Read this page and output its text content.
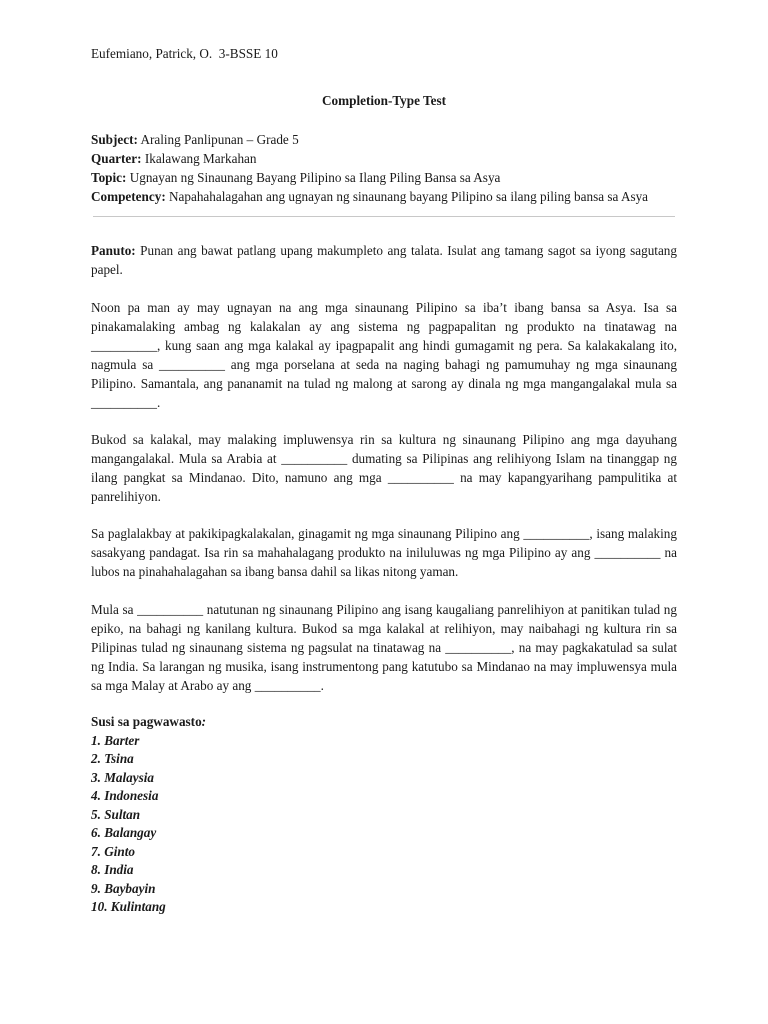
Eufemiano, Patrick, O.  3-BSSE 10
Completion-Type Test
Subject: Araling Panlipunan – Grade 5
Quarter: Ikalawang Markahan
Topic: Ugnayan ng Sinaunang Bayang Pilipino sa Ilang Piling Bansa sa Asya
Competency: Napahahalagahan ang ugnayan ng sinaunang bayang Pilipino sa ilang piling bansa sa Asya
Panuto: Punan ang bawat patlang upang makumpleto ang talata. Isulat ang tamang sagot sa iyong sagutang papel.
Noon pa man ay may ugnayan na ang mga sinaunang Pilipino sa iba’t ibang bansa sa Asya. Isa sa pinakamalaking ambag ng kalakalan ay ang sistema ng pagpapalitan ng produkto na tinatawag na __________, kung saan ang mga kalakal ay ipagpapalit ang hindi gumagamit ng pera. Sa kalakakalang ito, nagmula sa __________ ang mga porselana at seda na naging bahagi ng pamumuhay ng mga sinaunang Pilipino. Samantala, ang pananamit na tulad ng malong at sarong ay dinala ng mga mangangalakal mula sa __________.
Bukod sa kalakal, may malaking impluwensya rin sa kultura ng sinaunang Pilipino ang mga dayuhang mangangalakal. Mula sa Arabia at __________ dumating sa Pilipinas ang relihiyong Islam na tinanggap ng ilang pangkat sa Mindanao. Dito, namuno ang mga __________ na may kapangyarihang pampulitika at panrelihiyon.
Sa paglalakbay at pakikipagkalakalan, ginagamit ng mga sinaunang Pilipino ang __________, isang malaking sasakyang pandagat. Isa rin sa mahahalagang produkto na iniluluwas ng mga Pilipino ay ang __________ na lubos na pinahahalagahan sa ibang bansa dahil sa likas nitong yaman.
Mula sa __________ natutunan ng sinaunang Pilipino ang isang kaugaliang panrelihiyon at panitikan tulad ng epiko, na bahagi ng kanilang kultura. Bukod sa mga kalakal at relihiyon, may naibahagi ng kultura rin sa Pilipinas tulad ng sinaunang sistema ng pagsulat na tinatawag na __________, na may pagkakatulad sa sulat ng India. Sa larangan ng musika, isang instrumentong pang katutubo sa Mindanao na may impluwensya mula sa mga Malay at Arabo ay ang __________.
Susi sa pagwawasto:
1. Barter
2. Tsina
3. Malaysia
4. Indonesia
5. Sultan
6. Balangay
7. Ginto
8. India
9. Baybayin
10. Kulintang
